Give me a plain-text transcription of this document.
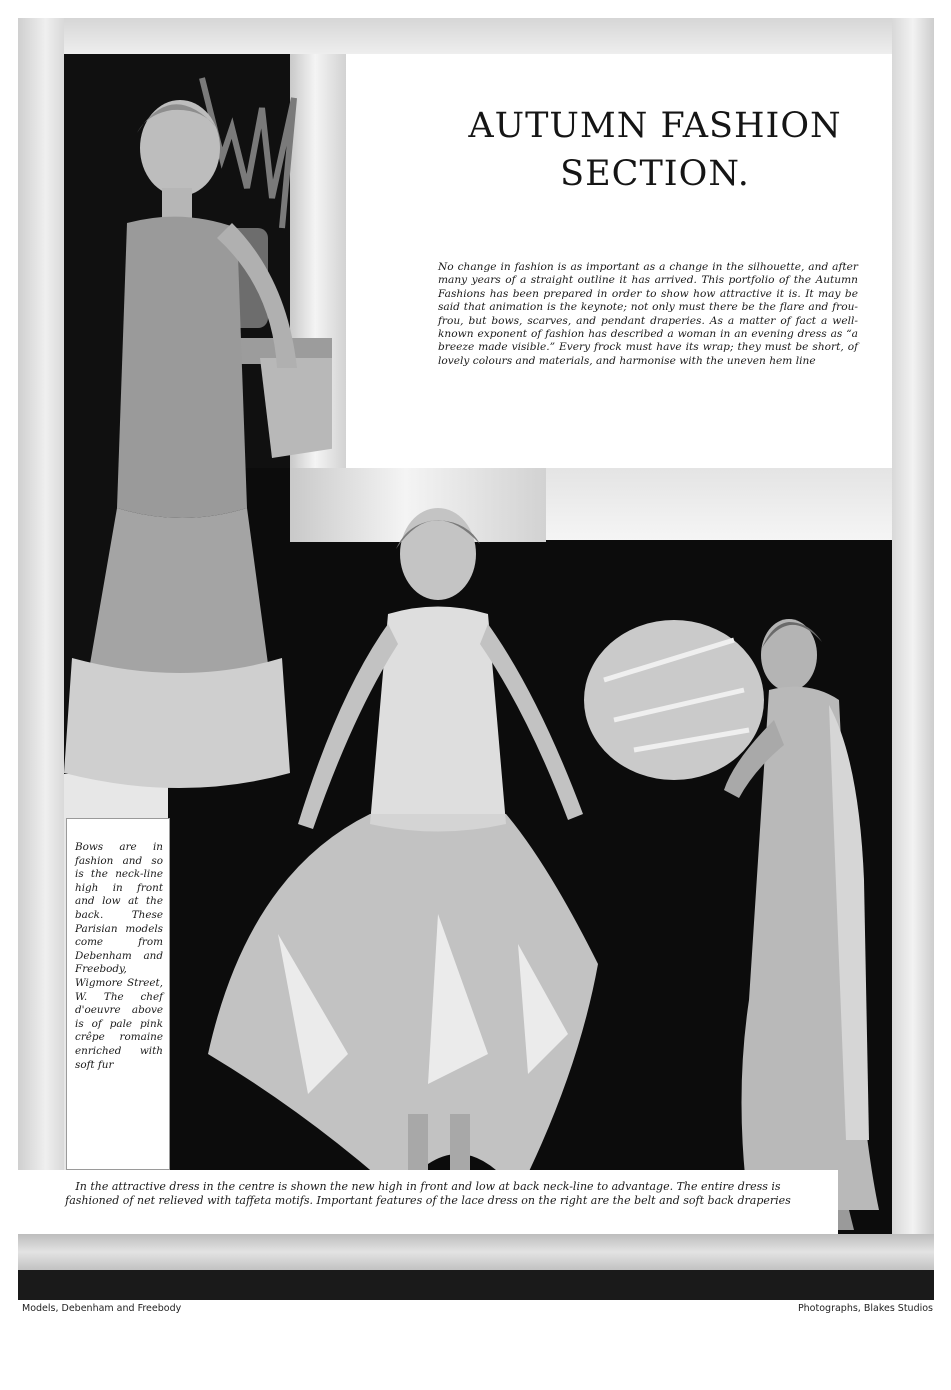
AUTUMN FASHION
SECTION.

No change in fashion is as important as a change in the silhouette, and after many years of a straight outline it has arrived. This portfolio of the Autumn Fashions has been prepared in order to show how attractive it is. It may be said that animation is the keynote; not only must there be the flare and frou-frou, but bows, scarves, and pendant draperies. As a matter of fact a well-known exponent of fashion has described a woman in an evening dress as “a breeze made visible.” Every frock must have its wrap; they must be short, of lovely colours and materials, and harmonise with the uneven hem line

Bows are in fashion and so is the neck-line high in front and low at the back. These Parisian models come from Debenham and Freebody, Wigmore Street, W. The chef d'oeuvre above is of pale pink crêpe romaine enriched with soft fur

In the attractive dress in the centre is shown the new high in front and low at back neck-line to advantage. The entire dress is fashioned of net relieved with taffeta motifs. Important features of the lace dress on the right are the belt and soft back draperies

Models, Debenham and Freebody	Photographs, Blakes Studios
